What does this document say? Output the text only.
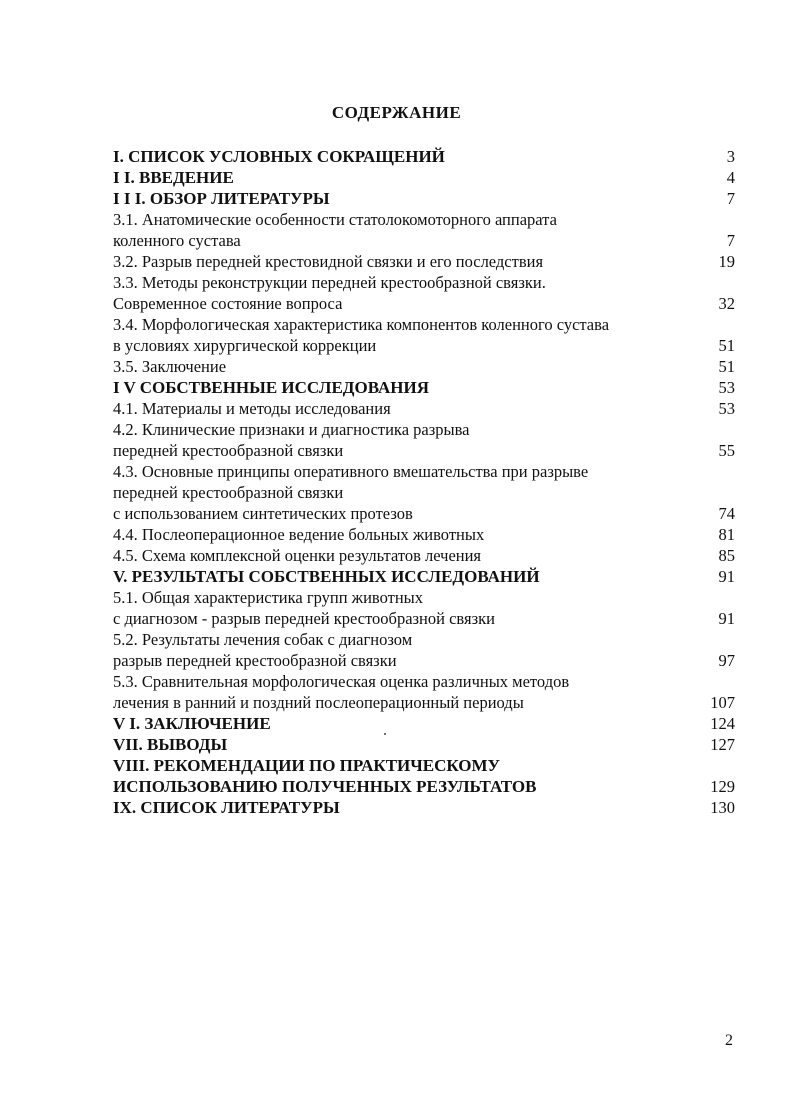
СОДЕРЖАНИЕ
I. СПИСОК УСЛОВНЫХ СОКРАЩЕНИЙ	3
I I. ВВЕДЕНИЕ	4
I I I. ОБЗОР ЛИТЕРАТУРЫ	7
3.1. Анатомические особенности статолокомоторного аппарата
коленного сустава	7
3.2. Разрыв передней крестовидной связки и его последствия	19
3.3. Методы реконструкции передней крестообразной связки.
Современное состояние вопроса	32
3.4. Морфологическая характеристика компонентов коленного сустава
в условиях хирургической коррекции	51
3.5. Заключение	51
I V СОБСТВЕННЫЕ ИССЛЕДОВАНИЯ	53
4.1. Материалы и методы исследования	53
4.2. Клинические признаки и диагностика разрыва
передней крестообразной связки	55
4.3. Основные принципы оперативного вмешательства при разрыве
передней крестообразной связки
с использованием синтетических протезов	74
4.4. Послеоперационное ведение больных животных	81
4.5. Схема комплексной оценки результатов лечения	85
V. РЕЗУЛЬТАТЫ СОБСТВЕННЫХ ИССЛЕДОВАНИЙ	91
5.1. Общая характеристика групп животных
с диагнозом - разрыв передней крестообразной связки	91
5.2. Результаты лечения собак с диагнозом
разрыв передней крестообразной связки	97
5.3. Сравнительная морфологическая оценка различных методов
лечения в ранний и поздний послеоперационный периоды	107
V I. ЗАКЛЮЧЕНИЕ	124
VII. ВЫВОДЫ	127
VIII. РЕКОМЕНДАЦИИ ПО ПРАКТИЧЕСКОМУ
ИСПОЛЬЗОВАНИЮ ПОЛУЧЕННЫХ РЕЗУЛЬТАТОВ	129
IX. СПИСОК ЛИТЕРАТУРЫ	130
2
